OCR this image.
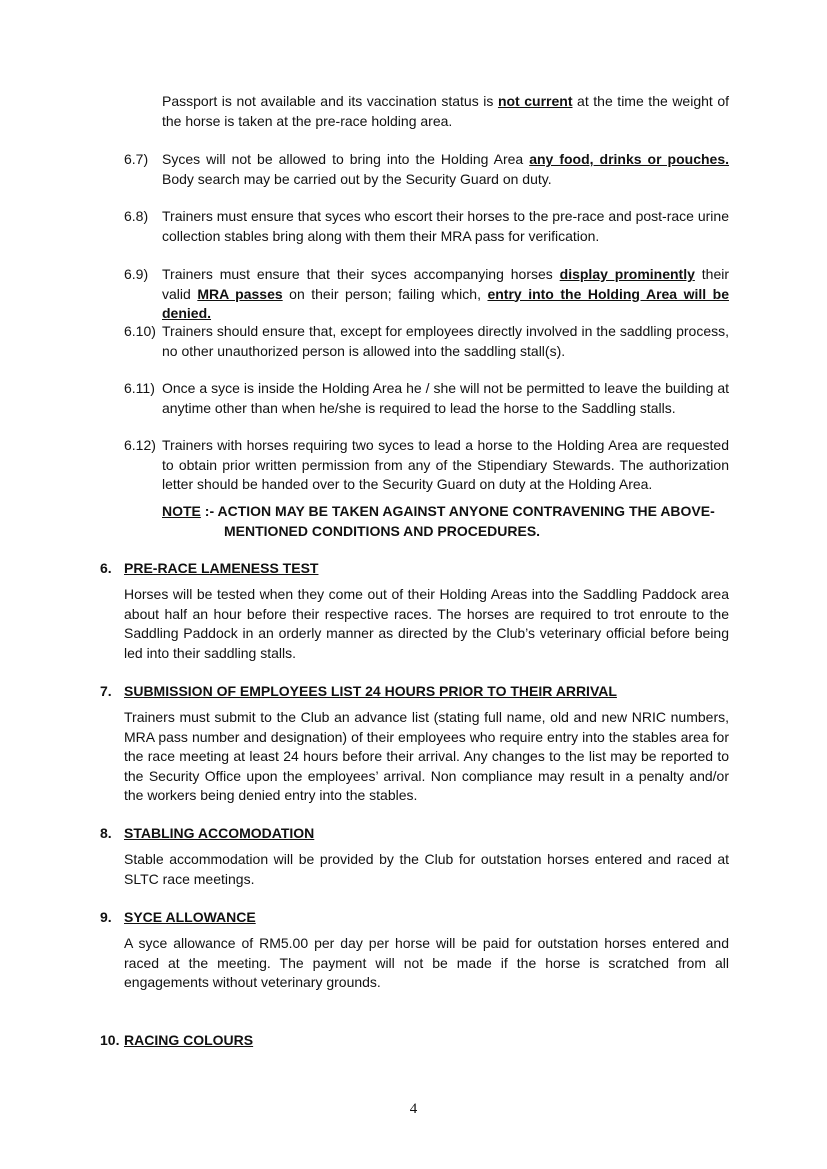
Passport is not available and its vaccination status is not current at the time the weight of the horse is taken at the pre-race holding area.

6.7) Syces will not be allowed to bring into the Holding Area any food, drinks or pouches. Body search may be carried out by the Security Guard on duty.

6.8) Trainers must ensure that syces who escort their horses to the pre-race and post-race urine collection stables bring along with them their MRA pass for verification.
6.9) Trainers must ensure that their syces accompanying horses display prominently their valid MRA passes on their person; failing which, entry into the Holding Area will be denied.

6.10) Trainers should ensure that, except for employees directly involved in the saddling process, no other unauthorized person is allowed into the saddling stall(s).
6.11) Once a syce is inside the Holding Area he / she will not be permitted to leave the building at anytime other than when he/she is required to lead the horse to the Saddling stalls.
6.12) Trainers with horses requiring two syces to lead a horse to the Holding Area are requested to obtain prior written permission from any of the Stipendiary Stewards. The authorization letter should be handed over to the Security Guard on duty at the Holding Area.
NOTE :- ACTION MAY BE TAKEN AGAINST ANYONE CONTRAVENING THE ABOVE-
MENTIONED CONDITIONS AND PROCEDURES.
6. PRE-RACE LAMENESS TEST
Horses will be tested when they come out of their Holding Areas into the Saddling Paddock area about half an hour before their respective races. The horses are required to trot enroute to the Saddling Paddock in an orderly manner as directed by the Club’s veterinary official before being led into their saddling stalls.
7. SUBMISSION OF EMPLOYEES LIST 24 HOURS PRIOR TO THEIR ARRIVAL
Trainers must submit to the Club an advance list (stating full name, old and new NRIC numbers, MRA pass number and designation) of their employees who require entry into the stables area for the race meeting at least 24 hours before their arrival. Any changes to the list may be reported to the Security Office upon the employees’ arrival. Non compliance may result in a penalty and/or the workers being denied entry into the stables.
8. STABLING ACCOMODATION
Stable accommodation will be provided by the Club for outstation horses entered and raced at SLTC race meetings.
9. SYCE ALLOWANCE
A syce allowance of RM5.00 per day per horse will be paid for outstation horses entered and raced at the meeting. The payment will not be made if the horse is scratched from all engagements without veterinary grounds.
10. RACING COLOURS
4
